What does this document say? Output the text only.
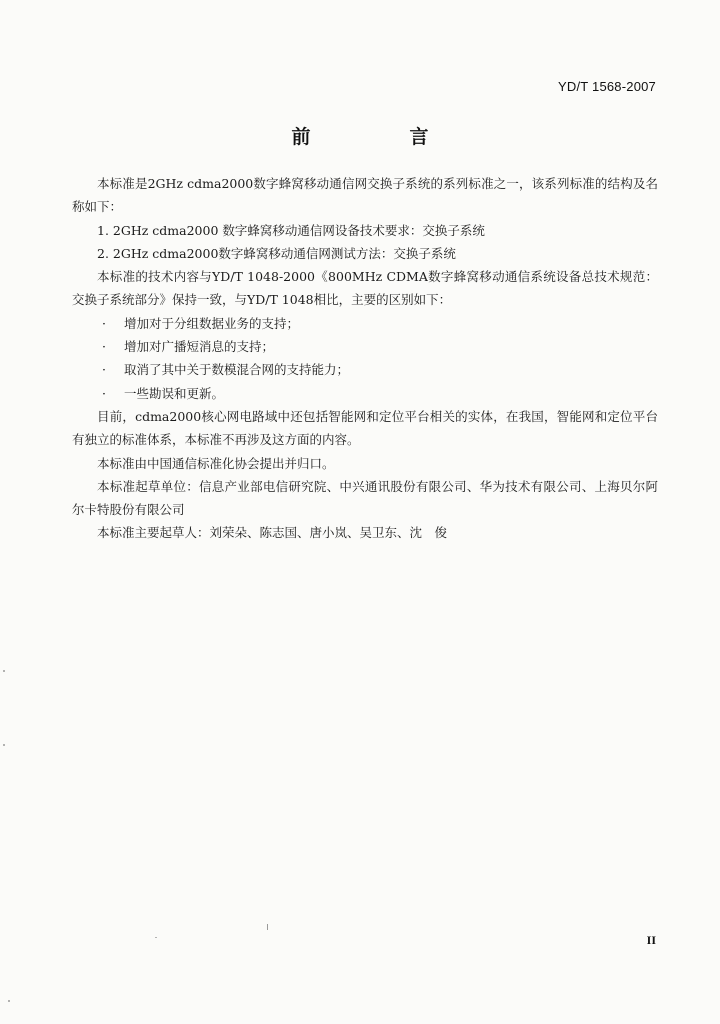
YD/T 1568-2007
前　言

本标准是2GHz cdma2000数字蜂窝移动通信网交换子系统的系列标准之一，该系列标准的结构及名称如下：

1. 2GHz cdma2000 数字蜂窝移动通信网设备技术要求：交换子系统

2. 2GHz cdma2000数字蜂窝移动通信网测试方法：交换子系统

本标准的技术内容与YD/T 1048-2000《800MHz CDMA数字蜂窝移动通信系统设备总技术规范：交换子系统部分》保持一致，与YD/T 1048相比，主要的区别如下：

·	增加对于分组数据业务的支持；
·	增加对广播短消息的支持；
·	取消了其中关于数模混合网的支持能力；
·	一些勘误和更新。

目前，cdma2000核心网电路域中还包括智能网和定位平台相关的实体，在我国，智能网和定位平台有独立的标准体系，本标准不再涉及这方面的内容。

本标准由中国通信标准化协会提出并归口。

本标准起草单位：信息产业部电信研究院、中兴通讯股份有限公司、华为技术有限公司、上海贝尔阿尔卡特股份有限公司

本标准主要起草人：刘荣朵、陈志国、唐小岚、吴卫东、沈　俊

II
